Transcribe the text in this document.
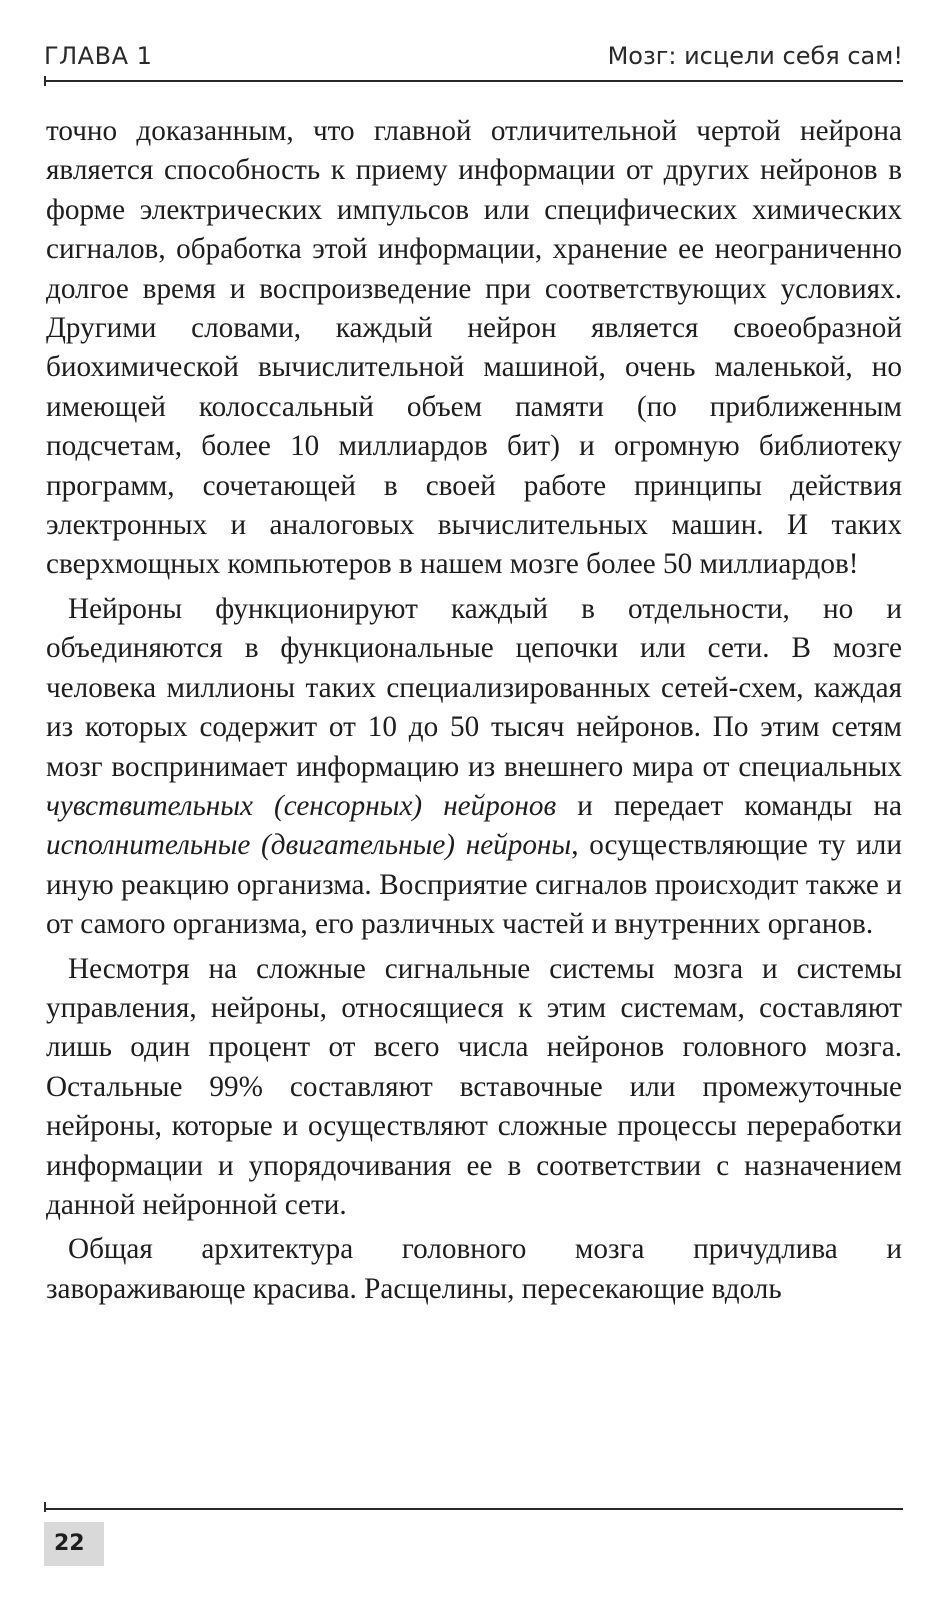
ГЛАВА 1	Мозг: исцели себя сам!

точно доказанным, что главной отличительной чертой нейрона является способность к приему информации от других нейронов в форме электрических импульсов или специфических химических сигналов, обработка этой информации, хранение ее неограниченно долгое время и воспроизведение при соответствующих условиях. Другими словами, каждый нейрон является своеобразной биохимической вычислительной машиной, очень маленькой, но имеющей колоссальный объем памяти (по приближенным подсчетам, более 10 миллиардов бит) и огромную библиотеку программ, сочетающей в своей работе принципы действия электронных и аналоговых вычислительных машин. И таких сверхмощных компьютеров в нашем мозге более 50 миллиардов!

Нейроны функционируют каждый в отдельности, но и объединяются в функциональные цепочки или сети. В мозге человека миллионы таких специализированных сетей-схем, каждая из которых содержит от 10 до 50 тысяч нейронов. По этим сетям мозг воспринимает информацию из внешнего мира от специальных чувствительных (сенсорных) нейронов и передает команды на исполнительные (двигательные) нейроны, осуществляющие ту или иную реакцию организма. Восприятие сигналов происходит также и от самого организма, его различных частей и внутренних органов.

Несмотря на сложные сигнальные системы мозга и системы управления, нейроны, относящиеся к этим системам, составляют лишь один процент от всего числа нейронов головного мозга. Остальные 99% составляют вставочные или промежуточные нейроны, которые и осуществляют сложные процессы переработки информации и упорядочивания ее в соответствии с назначением данной нейронной сети.

Общая архитектура головного мозга причудлива и завораживающе красива. Расщелины, пересекающие вдоль

22
